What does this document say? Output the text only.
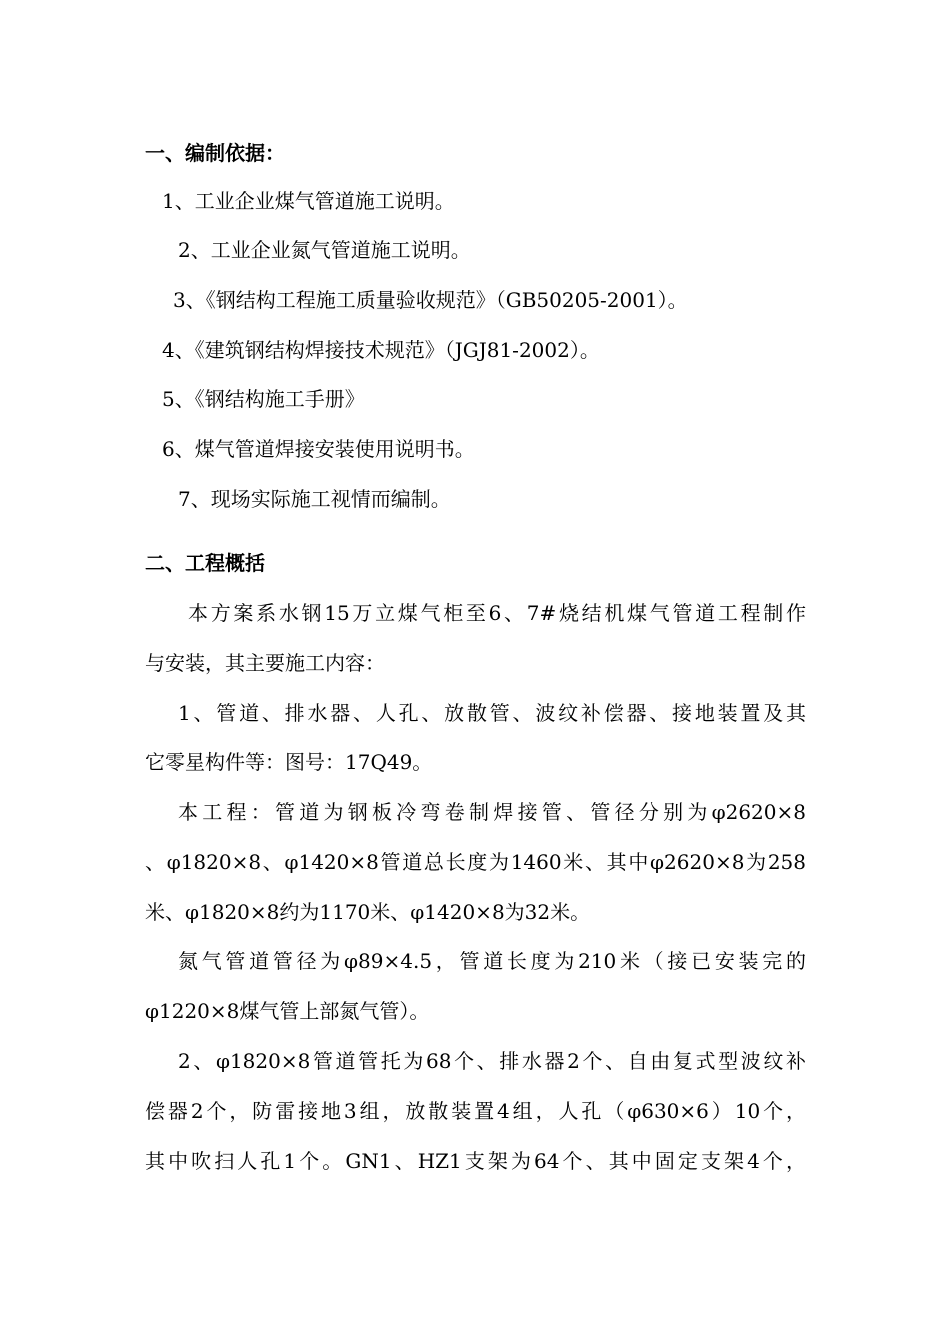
一、编制依据：
1、工业企业煤气管道施工说明。
2、工业企业氮气管道施工说明。
3、《钢结构工程施工质量验收规范》（GB50205-2001）。
4、《建筑钢结构焊接技术规范》（JGJ81-2002）。
5、《钢结构施工手册》
6、煤气管道焊接安装使用说明书。
7、现场实际施工视情而编制。
二、工程概括
本方案系水钢15万立煤气柜至6、7#烧结机煤气管道工程制作
与安装，其主要施工内容：
1、管道、排水器、人孔、放散管、波纹补偿器、接地装置及其
它零星构件等：图号：17Q49。
本工程：管道为钢板冷弯卷制焊接管、管径分别为φ2620×8
、φ1820×8、φ1420×8管道总长度为1460米、其中φ2620×8为258
米、φ1820×8约为1170米、φ1420×8为32米。
氮气管道管径为φ89×4.5，管道长度为210米（接已安装完的
φ1220×8煤气管上部氮气管）。
2、φ1820×8管道管托为68个、排水器2个、自由复式型波纹补
偿器2个，防雷接地3组，放散装置4组，人孔（φ630×6）10个，
其中吹扫人孔1个。GN1、HZ1支架为64个、其中固定支架4个，
